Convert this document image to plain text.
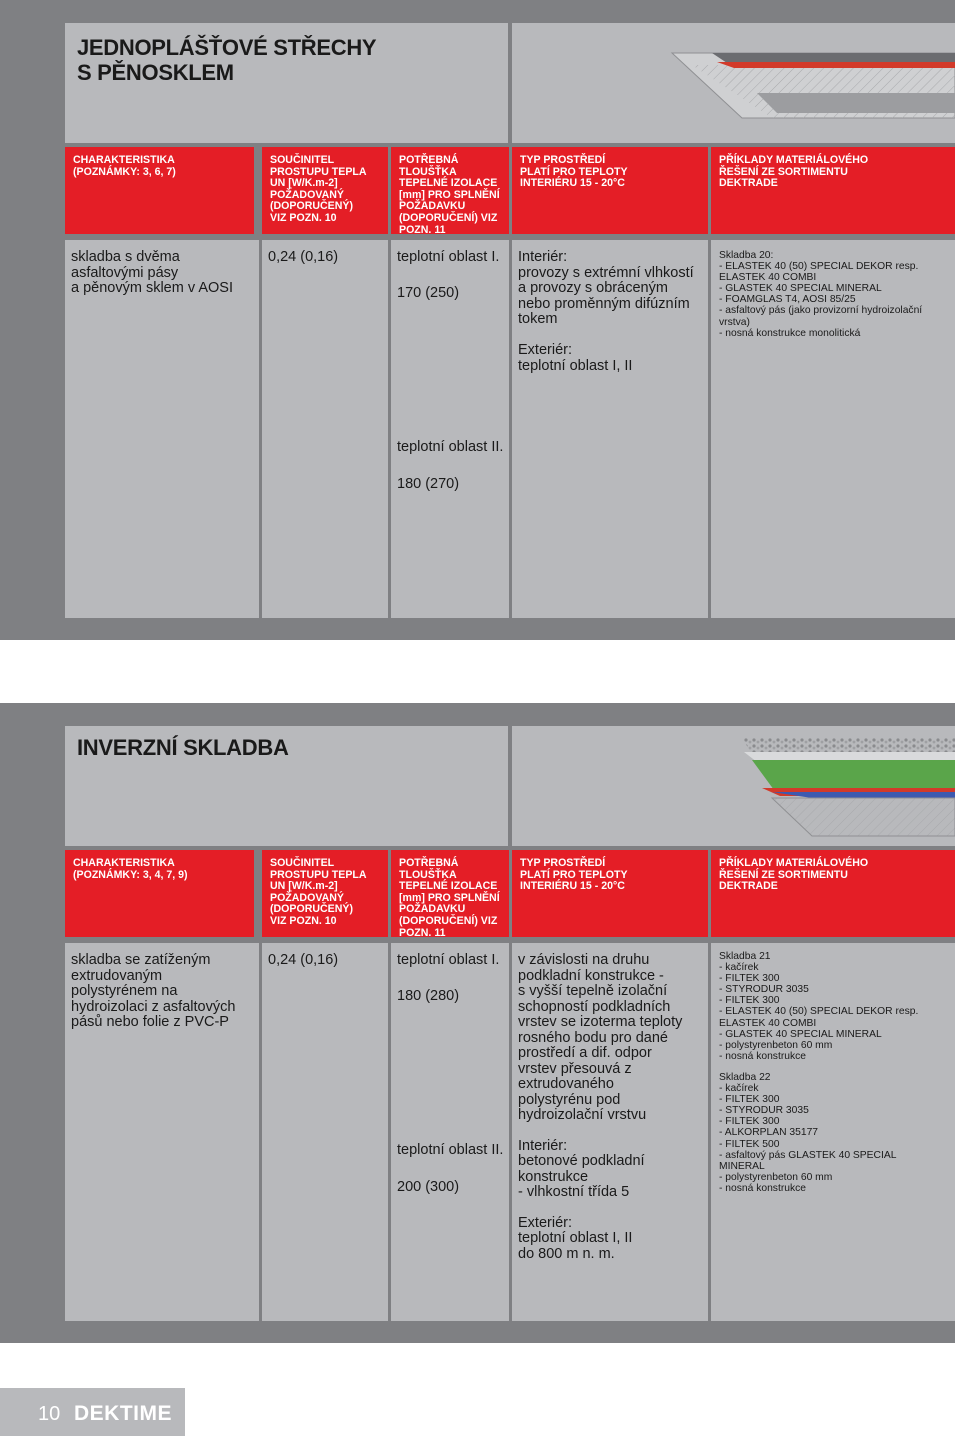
JEDNOPLÁŠŤOVÉ STŘECHY
S PĚNOSKLEM
CHARAKTERISTIKA
(POZNÁMKY: 3, 6, 7)
SOUČINITEL
PROSTUPU TEPLA
UN [W/K.m-2]
POŽADOVANÝ
(DOPORUČENÝ)
VIZ POZN. 10
POTŘEBNÁ
TLOUŠŤKA
TEPELNÉ IZOLACE
[mm] PRO SPLNĚNÍ
POŽADAVKU
(DOPORUČENÍ) VIZ
POZN. 11
TYP PROSTŘEDÍ
PLATÍ PRO TEPLOTY
INTERIÉRU 15 - 20°C
PŘÍKLADY MATERIÁLOVÉHO
ŘEŠENÍ ZE SORTIMENTU
DEKTRADE
skladba s dvěma
asfaltovými pásy
a pěnovým sklem v AOSI
0,24 (0,16)	teplotní oblast I.
170 (250)
teplotní oblast II.
180 (270)
Interiér:
provozy s extrémní vlhkostí
a provozy s obráceným
nebo proměnným difúzním
tokem

Exteriér:
teplotní oblast I, II
Skladba 20:
- ELASTEK 40 (50) SPECIAL DEKOR resp.
ELASTEK 40 COMBI
- GLASTEK 40 SPECIAL MINERAL
- FOAMGLAS T4, AOSI 85/25
- asfaltový pás (jako provizorní hydroizolační
vrstva)
- nosná konstrukce monolitická
INVERZNÍ SKLADBA
CHARAKTERISTIKA
(POZNÁMKY: 3, 4, 7, 9)
SOUČINITEL
PROSTUPU TEPLA
UN [W/K.m-2]
POŽADOVANÝ
(DOPORUČENÝ)
VIZ POZN. 10
POTŘEBNÁ
TLOUŠŤKA
TEPELNÉ IZOLACE
[mm] PRO SPLNĚNÍ
POŽADAVKU
(DOPORUČENÍ) VIZ
POZN. 11
TYP PROSTŘEDÍ
PLATÍ PRO TEPLOTY
INTERIÉRU 15 - 20°C
PŘÍKLADY MATERIÁLOVÉHO
ŘEŠENÍ ZE SORTIMENTU
DEKTRADE
skladba se zatíženým
extrudovaným
polystyrénem na
hydroizolaci z asfaltových
pásů nebo folie z PVC-P
0,24 (0,16)	teplotní oblast I.
180 (280)
teplotní oblast II.
200 (300)
v závislosti na druhu
podkladní konstrukce -
s vyšší tepelně izolační
schopností podkladních
vrstev se izoterma teploty
rosného bodu pro dané
prostředí a dif. odpor
vrstev přesouvá z
extrudovaného
polystyrénu pod
hydroizolační vrstvu
Interiér:
betonové podkladní
konstrukce
- vlhkostní třída 5
Exteriér:
teplotní oblast I, II
do 800 m n. m.
Skladba 21
- kačírek
- FILTEK 300
- STYRODUR 3035
- FILTEK 300
- ELASTEK 40 (50) SPECIAL DEKOR resp.
ELASTEK 40 COMBI
- GLASTEK 40 SPECIAL MINERAL
- polystyrenbeton 60 mm
- nosná konstrukce
Skladba 22
- kačírek
- FILTEK 300
- STYRODUR 3035
- FILTEK 300
- ALKORPLAN 35177
- FILTEK 500
- asfaltový pás GLASTEK 40 SPECIAL
MINERAL
- polystyrenbeton 60 mm
- nosná konstrukce
10 DEKTIME
